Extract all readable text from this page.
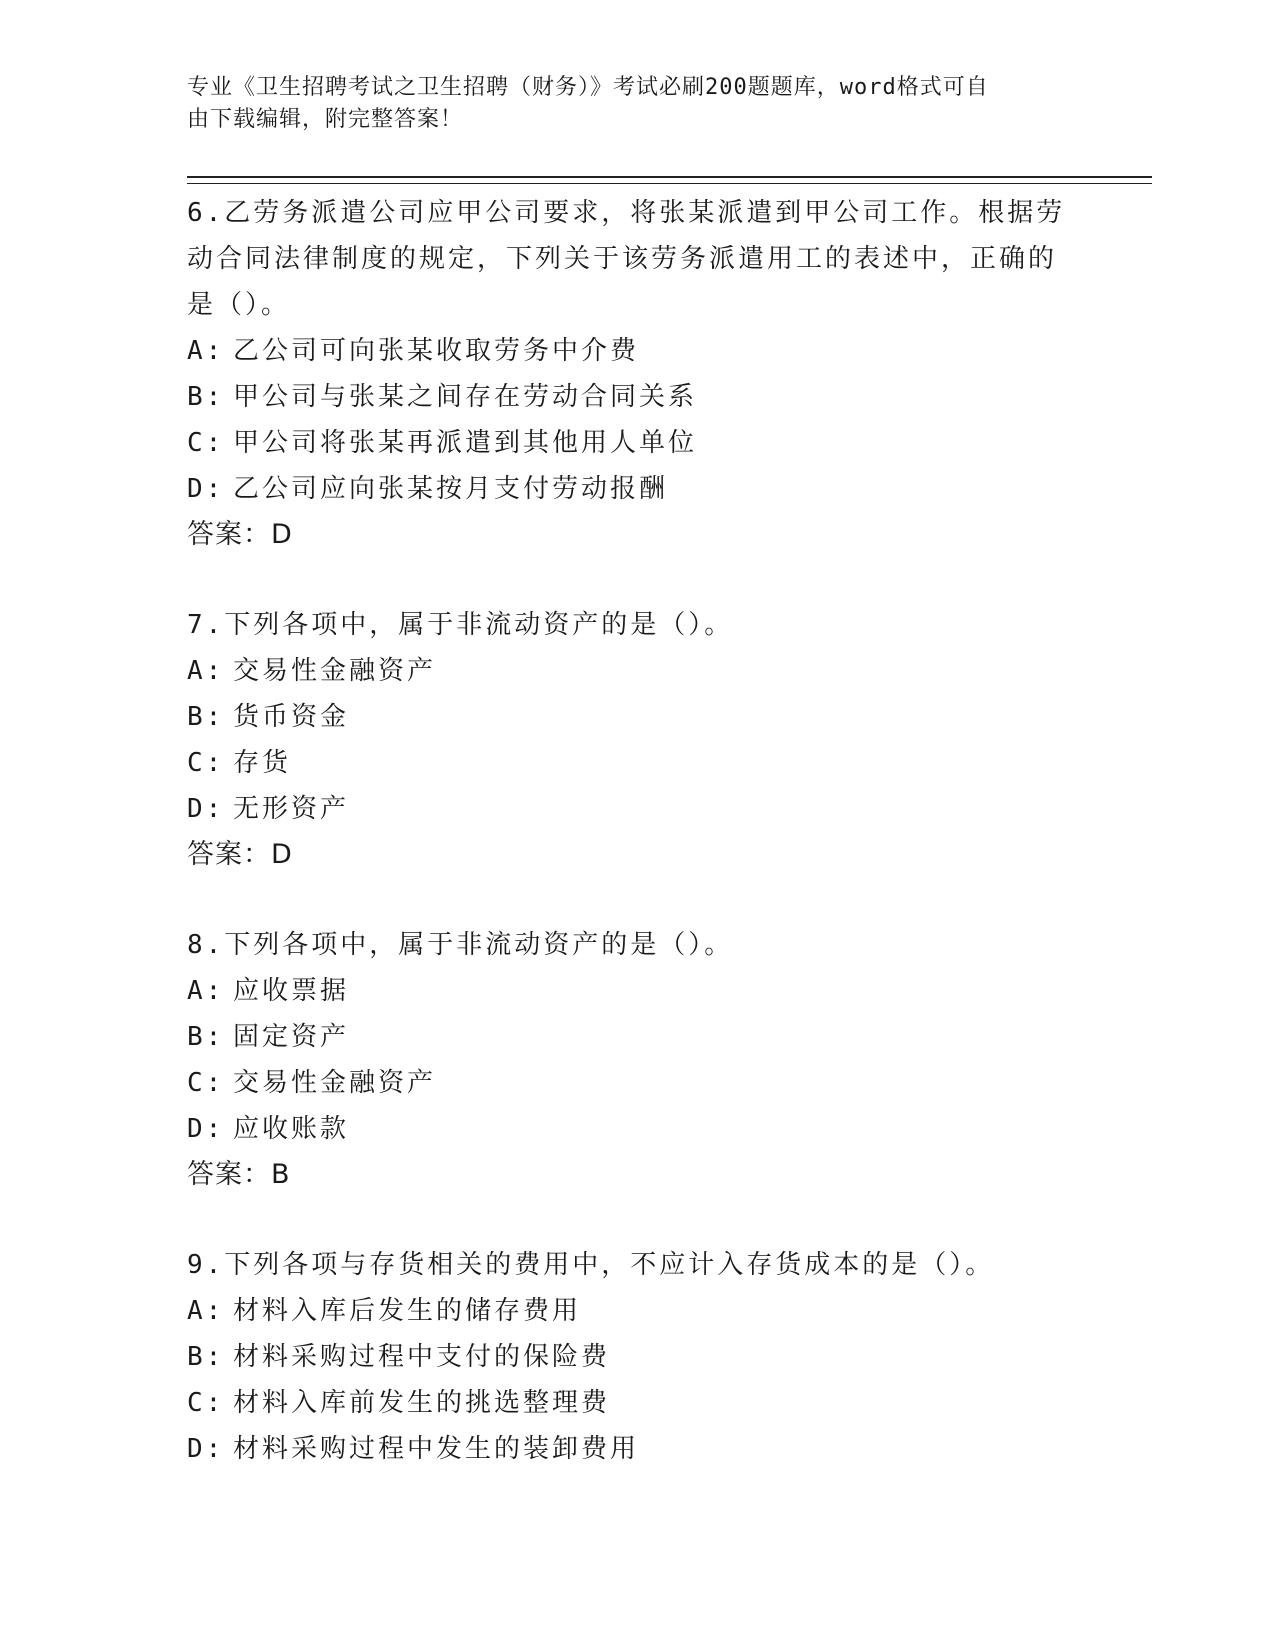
专业《卫生招聘考试之卫生招聘（财务）》考试必刷200题题库，word格式可自
由下载编辑，附完整答案！
6.乙劳务派遣公司应甲公司要求，将张某派遣到甲公司工作。根据劳
动合同法律制度的规定，下列关于该劳务派遣用工的表述中，正确的
是（）。
A: 乙公司可向张某收取劳务中介费
B: 甲公司与张某之间存在劳动合同关系
C: 甲公司将张某再派遣到其他用人单位
D: 乙公司应向张某按月支付劳动报酬
答案：D
7.下列各项中，属于非流动资产的是（）。
A: 交易性金融资产
B: 货币资金
C: 存货
D: 无形资产
答案：D
8.下列各项中，属于非流动资产的是（）。
A: 应收票据
B: 固定资产
C: 交易性金融资产
D: 应收账款
答案：B
9.下列各项与存货相关的费用中，不应计入存货成本的是（）。
A: 材料入库后发生的储存费用
B: 材料采购过程中支付的保险费
C: 材料入库前发生的挑选整理费
D: 材料采购过程中发生的装卸费用
